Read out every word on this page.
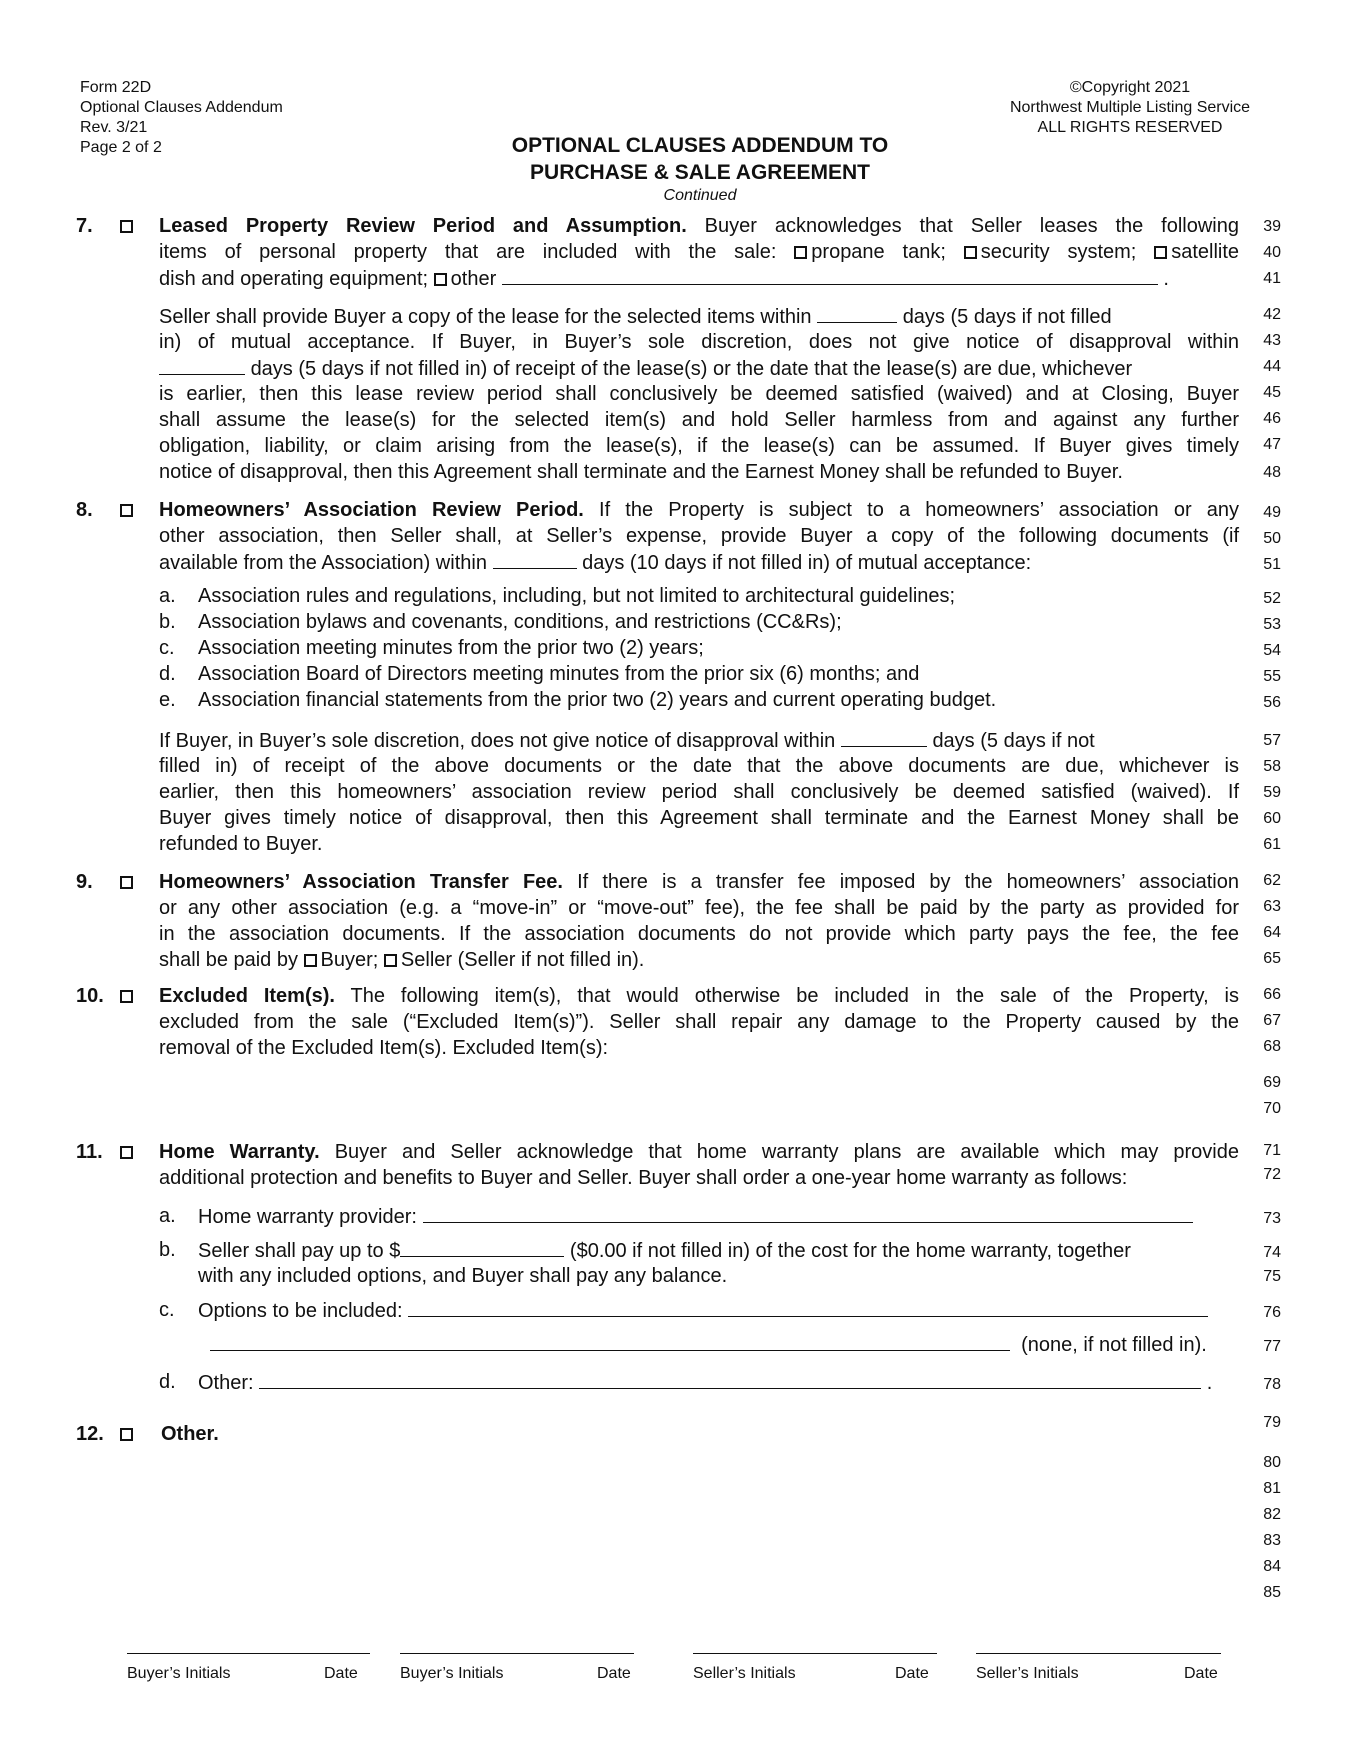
Form 22D
Optional Clauses Addendum
Rev. 3/21
Page 2 of 2
©Copyright 2021
Northwest Multiple Listing Service
ALL RIGHTS RESERVED
OPTIONAL CLAUSES ADDENDUM TO
PURCHASE & SALE AGREEMENT
Continued
7.	Leased Property Review Period and Assumption. Buyer acknowledges that Seller leases the following
items of personal property that are included with the sale: propane tank; security system; satellite
dish and operating equipment; other	.
Seller shall provide Buyer a copy of the lease for the selected items within	days (5 days if not filled
in) of mutual acceptance. If Buyer, in Buyer’s sole discretion, does not give notice of disapproval within
days (5 days if not filled in) of receipt of the lease(s) or the date that the lease(s) are due, whichever
is earlier, then this lease review period shall conclusively be deemed satisfied (waived) and at Closing, Buyer
shall assume the lease(s) for the selected item(s) and hold Seller harmless from and against any further
obligation, liability, or claim arising from the lease(s), if the lease(s) can be assumed. If Buyer gives timely
notice of disapproval, then this Agreement shall terminate and the Earnest Money shall be refunded to Buyer.
8.	Homeowners’ Association Review Period. If the Property is subject to a homeowners’ association or any
other association, then Seller shall, at Seller’s expense, provide Buyer a copy of the following documents (if
available from the Association) within	days (10 days if not filled in) of mutual acceptance:
a. Association rules and regulations, including, but not limited to architectural guidelines;
b. Association bylaws and covenants, conditions, and restrictions (CC&Rs);
c. Association meeting minutes from the prior two (2) years;
d. Association Board of Directors meeting minutes from the prior six (6) months; and
e. Association financial statements from the prior two (2) years and current operating budget.
If Buyer, in Buyer’s sole discretion, does not give notice of disapproval within	days (5 days if not
filled in) of receipt of the above documents or the date that the above documents are due, whichever is
earlier, then this homeowners’ association review period shall conclusively be deemed satisfied (waived). If
Buyer gives timely notice of disapproval, then this Agreement shall terminate and the Earnest Money shall be
refunded to Buyer.
9.	Homeowners’ Association Transfer Fee. If there is a transfer fee imposed by the homeowners’ association
or any other association (e.g. a “move-in” or “move-out” fee), the fee shall be paid by the party as provided for
in the association documents. If the association documents do not provide which party pays the fee, the fee
shall be paid by Buyer; Seller (Seller if not filled in).
10.	Excluded Item(s). The following item(s), that would otherwise be included in the sale of the Property, is
excluded from the sale (“Excluded Item(s)”). Seller shall repair any damage to the Property caused by the
removal of the Excluded Item(s). Excluded Item(s):
11.	Home Warranty. Buyer and Seller acknowledge that home warranty plans are available which may provide
additional protection and benefits to Buyer and Seller. Buyer shall order a one-year home warranty as follows:
a. Home warranty provider:
b. Seller shall pay up to $	($0.00 if not filled in) of the cost for the home warranty, together
with any included options, and Buyer shall pay any balance.
c. Options to be included:
(none, if not filled in).
d. Other:	.
12.	Other.
39
40
41
42
43
44
45
46
47
48
49
50
51
52
53
54
55
56
57
58
59
60
61
62
63
64
65
66
67
68
69
70
71
72
73
74
75
76
77
78
79
80
81
82
83
84
85
Buyer’s Initials	Date	Buyer’s Initials	Date	Seller’s Initials	Date	Seller’s Initials	Date
